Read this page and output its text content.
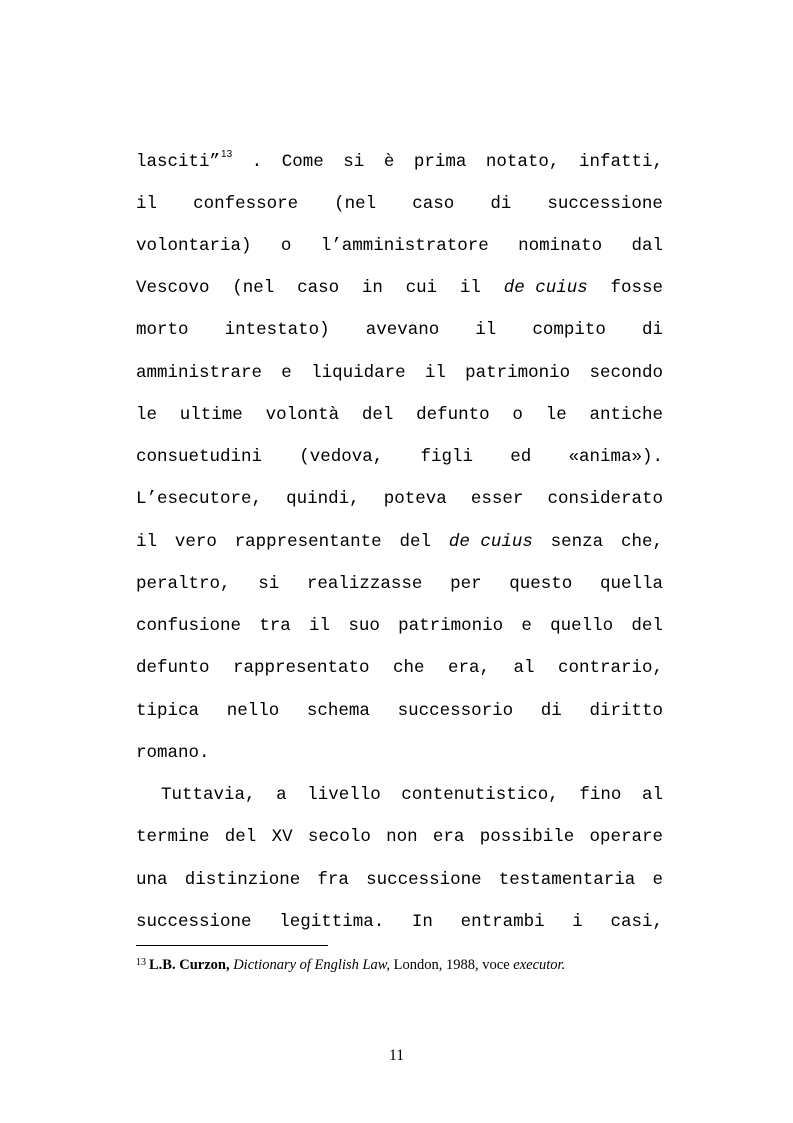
lasciti”$^{13}$ . Come si è prima notato, infatti,
il confessore (nel caso di successione
volontaria) o l’amministratore nominato dal
Vescovo (nel caso in cui il de cuius fosse
morto intestato) avevano il compito di
amministrare e liquidare il patrimonio secondo
le ultime volontà del defunto o le antiche
consuetudini (vedova, figli ed «anima»).
L’esecutore, quindi, poteva esser considerato
il vero rappresentante del de cuius senza che,
peraltro, si realizzasse per questo quella
confusione tra il suo patrimonio e quello del
defunto rappresentato che era, al contrario,
tipica nello schema successorio di diritto
romano.
Tuttavia, a livello contenutistico, fino al
termine del XV secolo non era possibile operare
una distinzione fra successione testamentaria e
successione legittima. In entrambi i casi,
$^{13}$ L.B. Curzon, Dictionary of English Law, London, 1988, voce executor.
11
